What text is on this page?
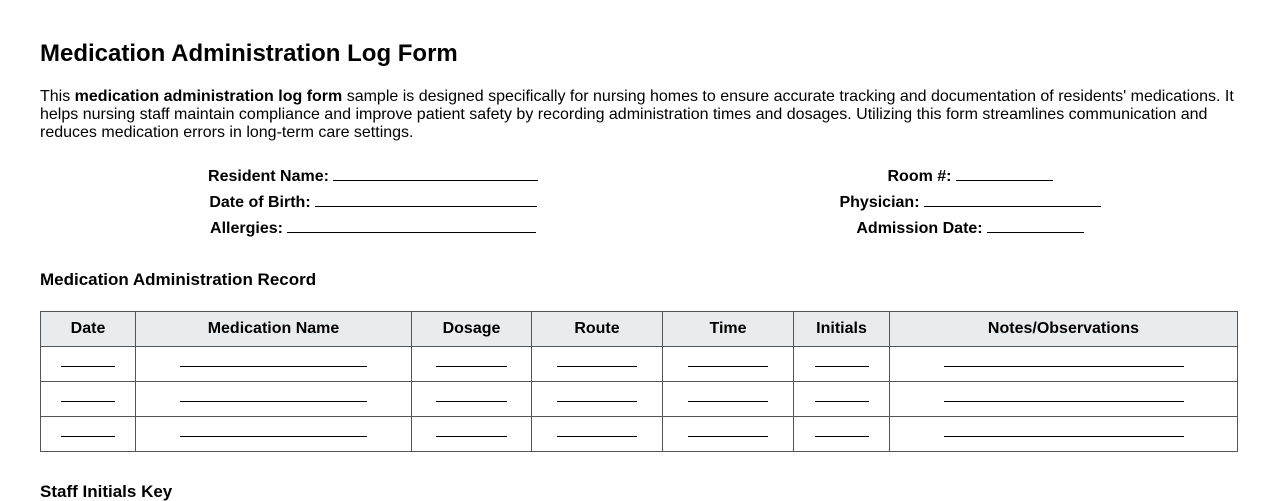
Medication Administration Log Form

This medication administration log form sample is designed specifically for nursing homes to ensure accurate tracking and documentation of residents' medications. It helps nursing staff maintain compliance and improve patient safety by recording administration times and dosages. Utilizing this form streamlines communication and reduces medication errors in long-term care settings.

Resident Name:
Date of Birth:
Allergies:
Room #:
Physician:
Admission Date:
Medication Administration Record
Date	Medication Name	Dosage	Route	Time	Initials	Notes/Observations

Staff Initials Key
